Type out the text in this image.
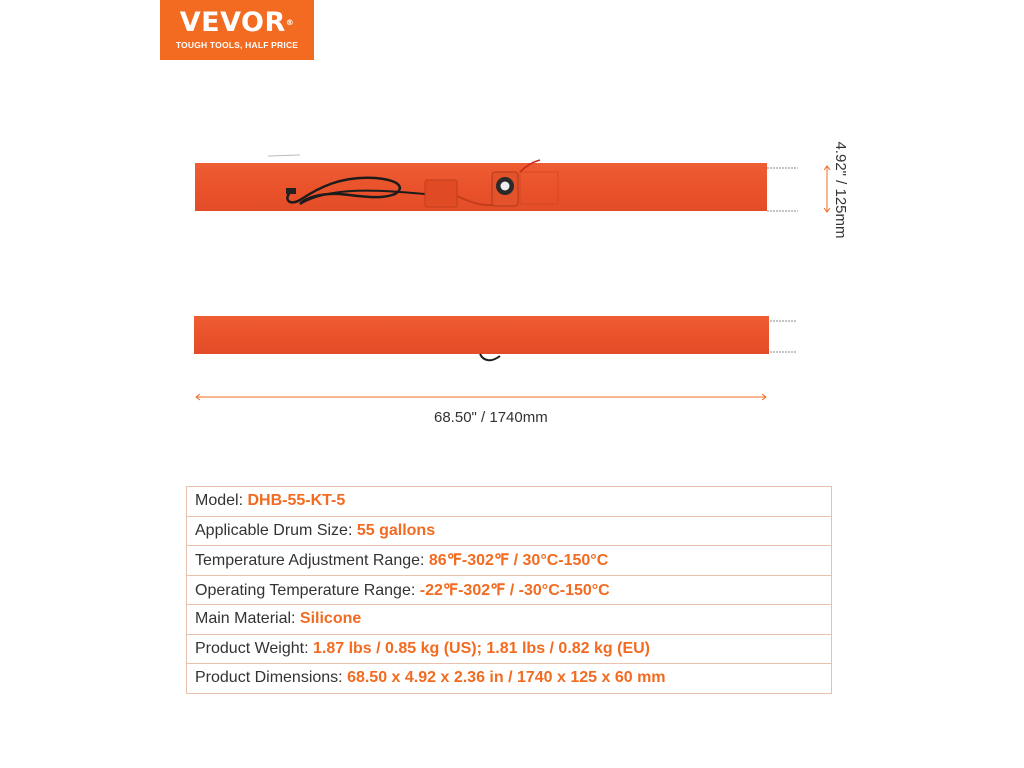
VEVOR®
TOUGH TOOLS, HALF PRICE
68.50" / 1740mm
4.92" / 125mm
Model: DHB-55-KT-5
Applicable Drum Size: 55 gallons
Temperature Adjustment Range: 86℉-302℉ / 30°C-150°C
Operating Temperature Range: -22℉-302℉ / -30°C-150°C
Main Material: Silicone
Product Weight: 1.87 lbs / 0.85 kg (US); 1.81 lbs / 0.82 kg (EU)
Product Dimensions: 68.50 x 4.92 x 2.36 in / 1740 x 125 x 60 mm
